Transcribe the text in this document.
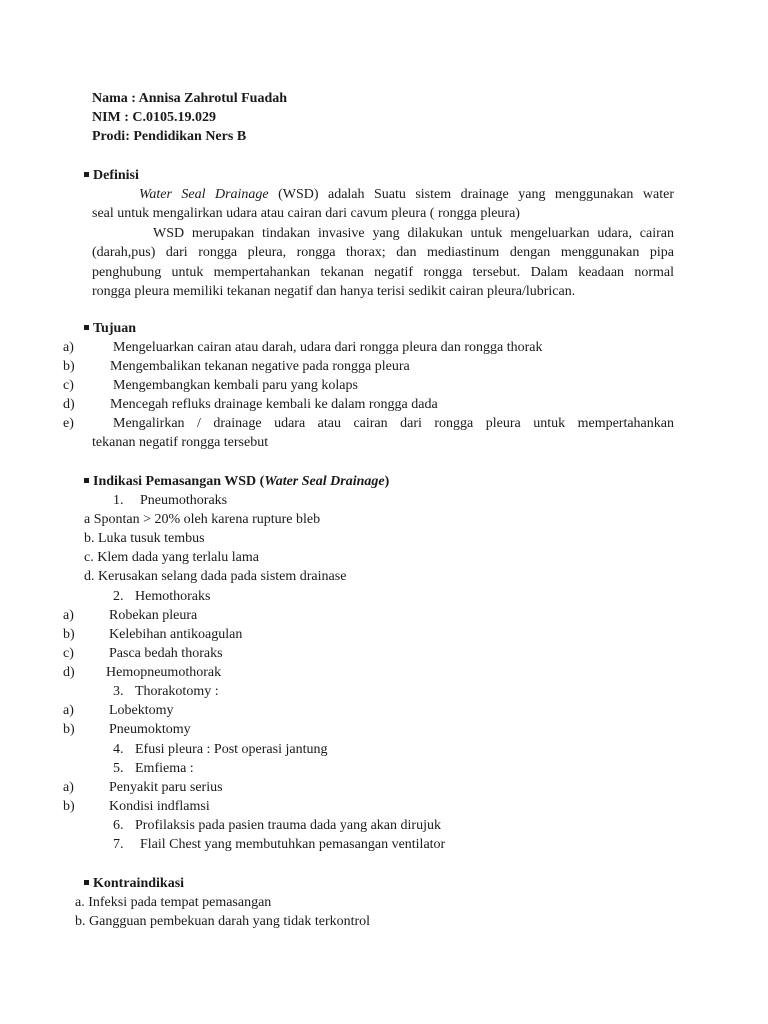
Nama : Annisa Zahrotul Fuadah
NIM : C.0105.19.029
Prodi: Pendidikan Ners B
Definisi
Water Seal Drainage (WSD) adalah Suatu sistem drainage yang menggunakan water
seal untuk mengalirkan udara atau cairan dari cavum pleura ( rongga pleura)
WSD merupakan tindakan invasive yang dilakukan untuk mengeluarkan udara, cairan
(darah,pus) dari rongga pleura, rongga thorax; dan mediastinum dengan menggunakan pipa
penghubung untuk mempertahankan tekanan negatif rongga tersebut. Dalam keadaan normal
rongga pleura memiliki tekanan negatif dan hanya terisi sedikit cairan pleura/lubrican.
Tujuan
a)	Mengeluarkan cairan atau darah, udara dari rongga pleura dan rongga thorak
b)	Mengembalikan tekanan negative pada rongga pleura
c)	Mengembangkan kembali paru yang kolaps
d)	Mencegah refluks drainage kembali ke dalam rongga dada
e)	Mengalirkan / drainage udara atau cairan dari rongga pleura untuk mempertahankan
tekanan negatif rongga tersebut
Indikasi Pemasangan WSD (Water Seal Drainage)
1. Pneumothoraks
a Spontan > 20% oleh karena rupture bleb
b. Luka tusuk tembus
c. Klem dada yang terlalu lama
d. Kerusakan selang dada pada sistem drainase
2. Hemothoraks
a)	Robekan pleura
b) Kelebihan antikoagulan
c)	Pasca bedah thoraks
d) Hemopneumothorak
3. Thorakotomy :
a)	Lobektomy
b) Pneumoktomy
4. Efusi pleura : Post operasi jantung
5. Emfiema :
a)	Penyakit paru serius
b) Kondisi indflamsi
6. Profilaksis pada pasien trauma dada yang akan dirujuk
7. Flail Chest yang membutuhkan pemasangan ventilator
Kontraindikasi
a. Infeksi pada tempat pemasangan
b. Gangguan pembekuan darah yang tidak terkontrol
